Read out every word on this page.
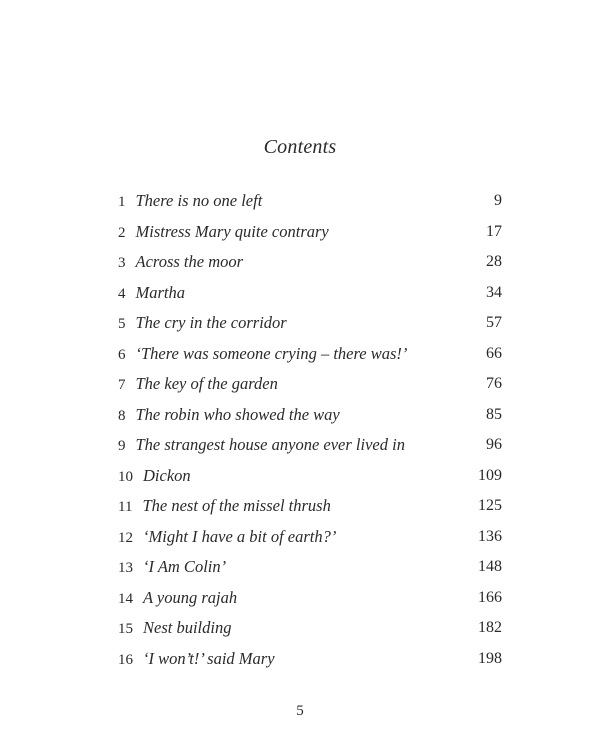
Contents
1 There is no one left	9
2 Mistress Mary quite contrary	17
3 Across the moor	28
4 Martha	34
5 The cry in the corridor	57
6 ‘There was someone crying – there was!’	66
7 The key of the garden	76
8 The robin who showed the way	85
9 The strangest house anyone ever lived in	96
10 Dickon	109
11 The nest of the missel thrush	125
12 ‘Might I have a bit of earth?’	136
13 ‘I Am Colin’	148
14 A young rajah	166
15 Nest building	182
16 ‘I won’t!’ said Mary	198
5
